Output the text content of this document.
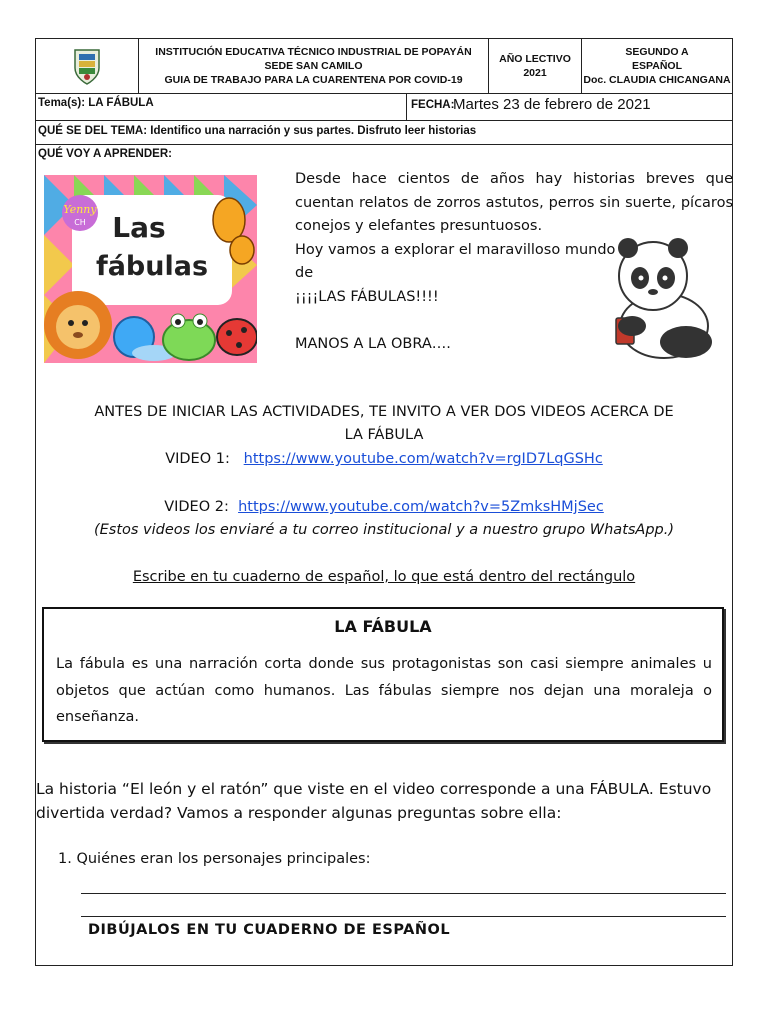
INSTITUCIÓN EDUCATIVA TÉCNICO INDUSTRIAL DE POPAYÁN
SEDE SAN CAMILO
GUIA DE TRABAJO PARA LA CUARENTENA POR COVID-19
AÑO LECTIVO
2021
SEGUNDO A
ESPAÑOL
Doc. CLAUDIA CHICANGANA
Tema(s): LA FÁBULA	FECHA:
Martes 23 de febrero de 2021
QUÉ SE DEL TEMA: Identifico una narración y sus partes. Disfruto leer historias
QUÉ VOY A APRENDER:
Yenny
CH Las
fábulas

Desde hace cientos de años hay historias breves que cuentan relatos de zorros astutos, perros sin suerte, pícaros conejos y elefantes presuntuosos.

Hoy vamos a explorar el maravilloso mundo

de

¡¡¡¡LAS FÁBULAS!!!!

MANOS A LA OBRA….

ANTES DE INICIAR LAS ACTIVIDADES, TE INVITO A VER DOS VIDEOS ACERCA DE
LA FÁBULA
VIDEO 1: https://www.youtube.com/watch?v=rgID7LqGSHc
VIDEO 2: https://www.youtube.com/watch?v=5ZmksHMjSec
(Estos videos los enviaré a tu correo institucional y a nuestro grupo WhatsApp.)
Escribe en tu cuaderno de español, lo que está dentro del rectángulo
LA FÁBULA
La fábula es una narración corta donde sus protagonistas son casi siempre animales u objetos que actúan como humanos. Las fábulas siempre nos dejan una moraleja o enseñanza.
La historia “El león y el ratón” que viste en el video corresponde a una FÁBULA. Estuvo divertida verdad? Vamos a responder algunas preguntas sobre ella:
1. Quiénes eran los personajes principales:
DIBÚJALOS EN TU CUADERNO DE ESPAÑOL
